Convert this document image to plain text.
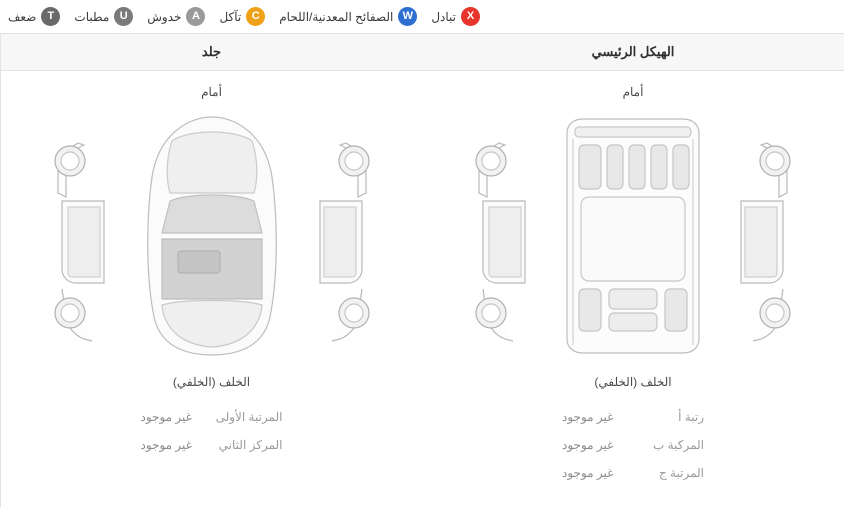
X
تبادل
W
الصفائح المعدنية/اللحام
C
تآكل
A
خدوش
U
مطبات
T
ضعف
الهيكل الرئيسي
أمام
الخلف (الخلفي)
رتبة أ
غير موجود
المركبة ب
غير موجود
المرتبة ج
غير موجود
جلد
أمام
الخلف (الخلفي)
المرتبة الأولى
غير موجود
المركز الثاني
غير موجود
